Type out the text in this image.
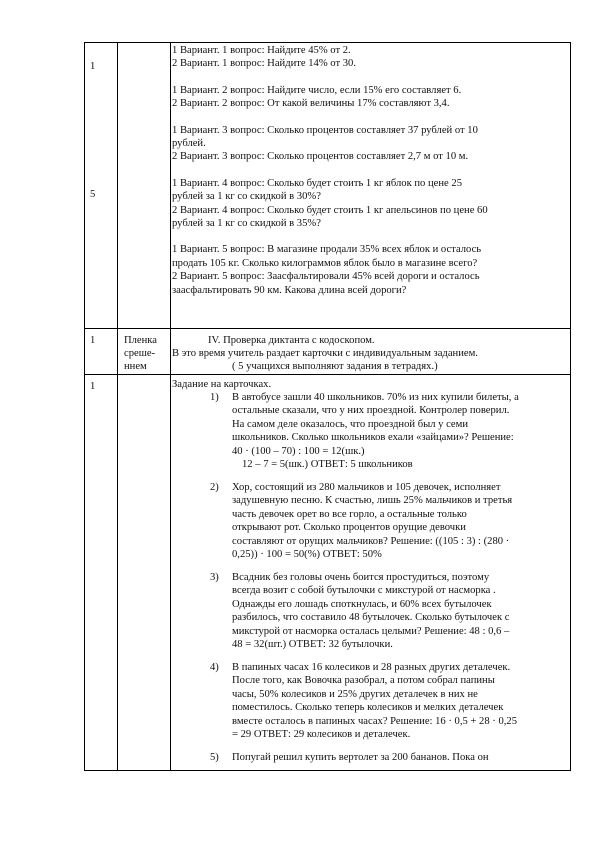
1
5

1 Вариант. 1 вопрос: Найдите 45% от 2.

2 Вариант. 1 вопрос: Найдите 14% от 30.

1 Вариант. 2 вопрос: Найдите число, если 15% его составляет 6.

2 Вариант. 2 вопрос: От какой величины 17% составляют 3,4.

1 Вариант. 3 вопрос: Сколько процентов составляет 37 рублей от 10

рублей.

2 Вариант. 3 вопрос: Сколько процентов составляет 2,7 м от 10 м.

1 Вариант. 4 вопрос: Сколько будет стоить 1 кг яблок по цене 25

рублей за 1 кг со скидкой в 30%?

2 Вариант. 4 вопрос: Сколько будет стоить 1 кг апельсинов по цене 60

рублей за 1 кг со скидкой в 35%?

1 Вариант. 5 вопрос: В магазине продали 35% всех яблок и осталось

продать 105 кг. Сколько килограммов яблок было в магазине всего?

2 Вариант. 5 вопрос: Заасфальтировали 45% всей дороги и осталось

заасфальтировать 90 км. Какова длина всей дороги?

1	Пленка
срeше-
ннем
IV. Проверка диктанта с кодоскопом.
В это время учитель раздает карточки с индивидуальным заданием.
( 5 учащихся выполняют задания в тетрадях.)
1	Задание на карточках.
1) В автобусе зашли 40 школьников. 70% из них купили билеты, а

остальные сказали, что у них проездной. Контролер поверил.

На самом деле оказалось, что проездной был у семи

школьников. Сколько школьников ехали «зайцами»? Решение:

40 · (100 – 70) : 100 = 12(шк.)

12 – 7 = 5(шк.) ОТВЕТ: 5 школьников

2) Хор, состоящий из 280 мальчиков и 105 девочек, исполняет

задушевную песню. К счастью, лишь 25% мальчиков и третья

часть девочек орет во все горло, а остальные только

открывают рот. Сколько процентов орущие девочки

составляют от орущих мальчиков? Решение: ((105 : 3) : (280 ·

0,25)) · 100 = 50(%) ОТВЕТ: 50%

3) Всадник без головы очень боится простудиться, поэтому

всегда возит с собой бутылочки с микстурой от насморка .

Однажды его лошадь споткнулась, и 60% всех бутылочек

разбилось, что составило 48 бутылочек. Сколько бутылочек с

микстурой от насморка осталась целыми? Решение: 48 : 0,6 –

48 = 32(шт.) ОТВЕТ: 32 бутылочки.

4) В папиных часах 16 колесиков и 28 разных других деталечек.

После того, как Вовочка разобрал, а потом собрал папины

часы, 50% колесиков и 25% других деталечек в них не

поместилось. Сколько теперь колесиков и мелких деталечек

вместе осталось в папиных часах? Решение: 16 · 0,5 + 28 · 0,25

= 29 ОТВЕТ: 29 колесиков и деталечек.

5) Попугай решил купить вертолет за 200 бананов. Пока он
